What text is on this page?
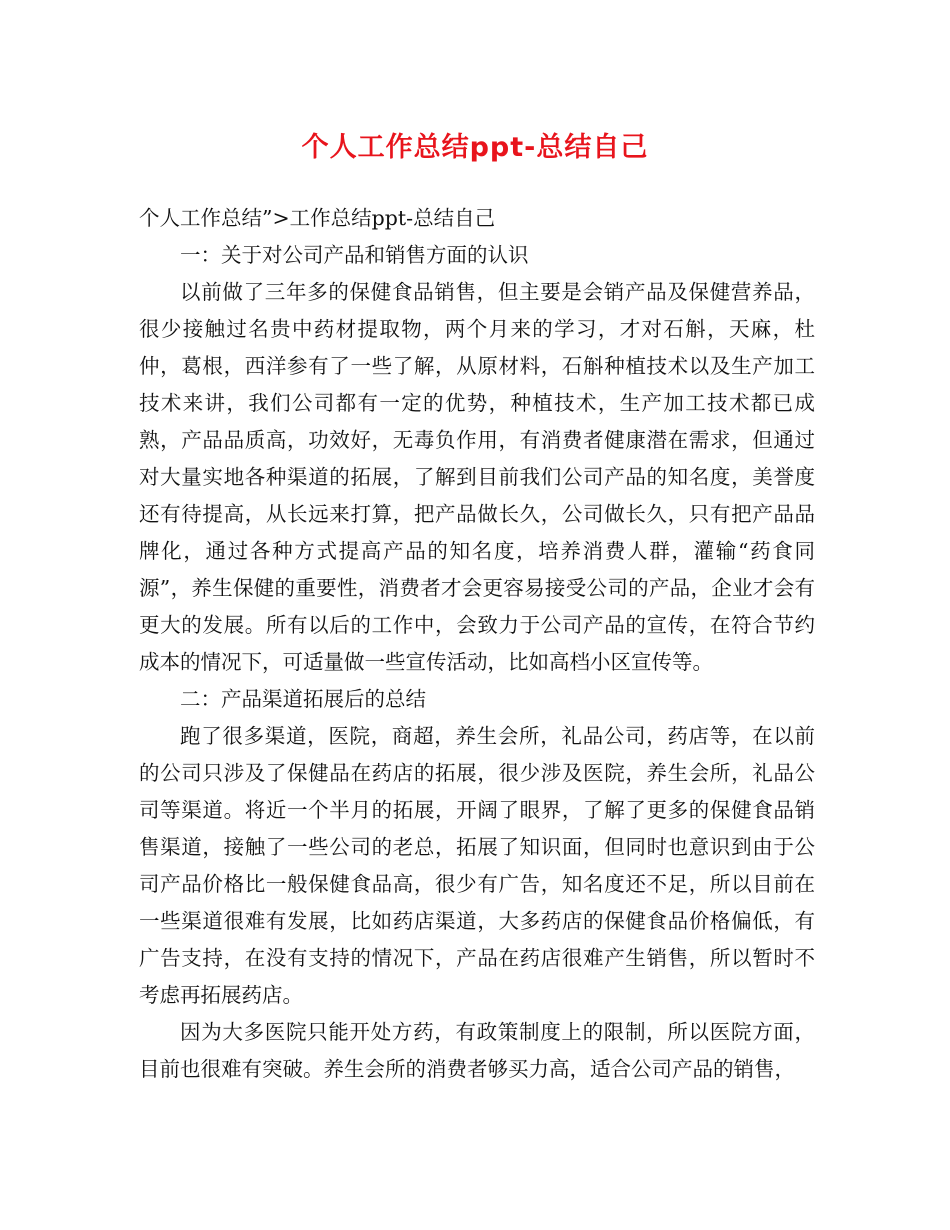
个人工作总结ppt-总结自己

个人工作总结”>工作总结ppt-总结自己

一：关于对公司产品和销售方面的认识

以前做了三年多的保健食品销售，但主要是会销产品及保健营养品，很少接触过名贵中药材提取物，两个月来的学习，才对石斛，天麻，杜仲，葛根，西洋参有了一些了解，从原材料，石斛种植技术以及生产加工技术来讲，我们公司都有一定的优势，种植技术，生产加工技术都已成熟，产品品质高，功效好，无毒负作用，有消费者健康潜在需求，但通过对大量实地各种渠道的拓展，了解到目前我们公司产品的知名度，美誉度还有待提高，从长远来打算，把产品做长久，公司做长久，只有把产品品牌化，通过各种方式提高产品的知名度，培养消费人群，灌输“药食同源”，养生保健的重要性，消费者才会更容易接受公司的产品，企业才会有更大的发展。所有以后的工作中，会致力于公司产品的宣传，在符合节约成本的情况下，可适量做一些宣传活动，比如高档小区宣传等。

二：产品渠道拓展后的总结

跑了很多渠道，医院，商超，养生会所，礼品公司，药店等，在以前的公司只涉及了保健品在药店的拓展，很少涉及医院，养生会所，礼品公司等渠道。将近一个半月的拓展，开阔了眼界，了解了更多的保健食品销售渠道，接触了一些公司的老总，拓展了知识面，但同时也意识到由于公司产品价格比一般保健食品高，很少有广告，知名度还不足，所以目前在一些渠道很难有发展，比如药店渠道，大多药店的保健食品价格偏低，有广告支持，在没有支持的情况下，产品在药店很难产生销售，所以暂时不考虑再拓展药店。

因为大多医院只能开处方药，有政策制度上的限制，所以医院方面，目前也很难有突破。养生会所的消费者够买力高，适合公司产品的销售，
